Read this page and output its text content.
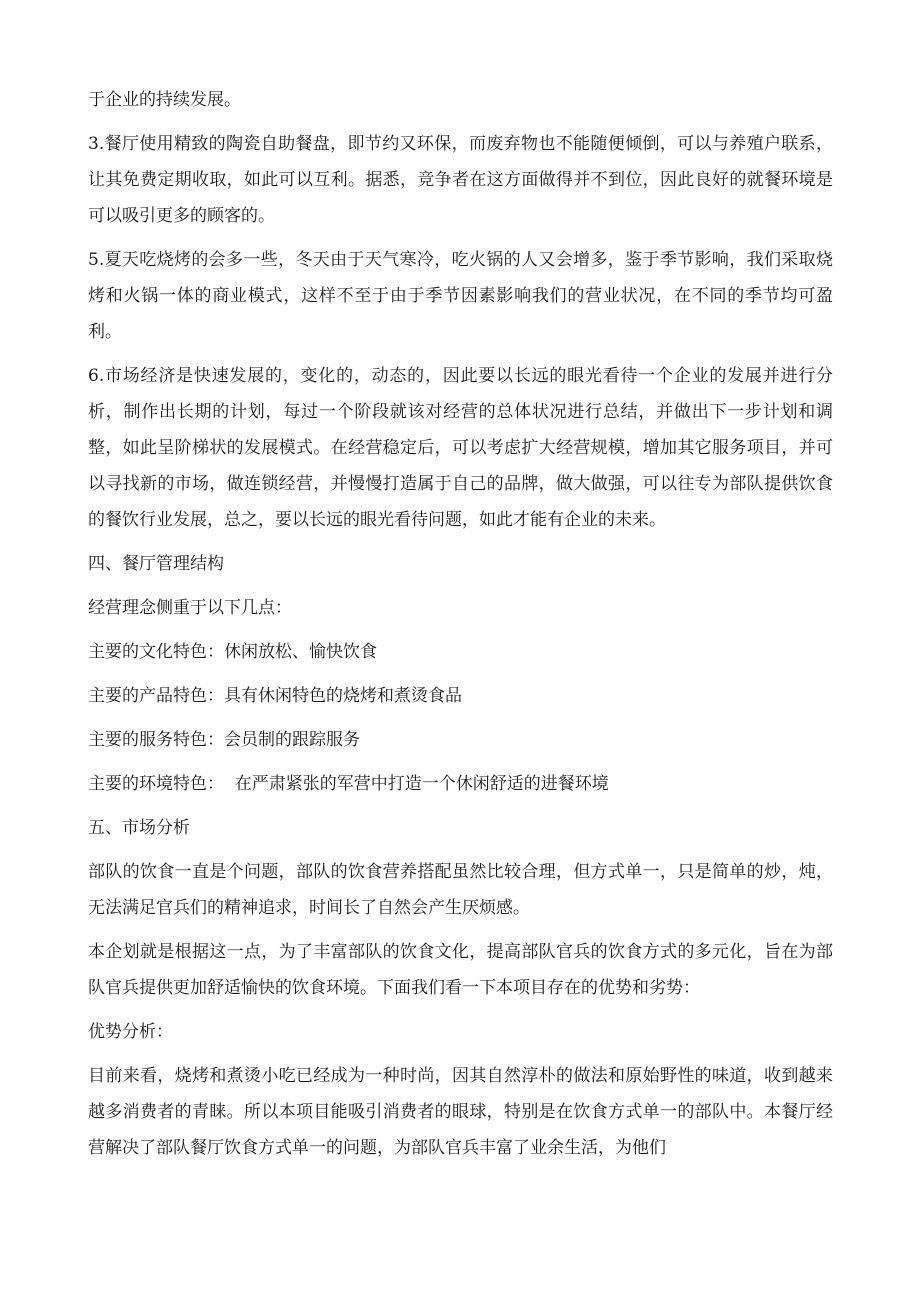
于企业的持续发展。

3.餐厅使用精致的陶瓷自助餐盘，即节约又环保，而废弃物也不能随便倾倒，可以与养殖户联系，让其免费定期收取，如此可以互利。据悉，竞争者在这方面做得并不到位，因此良好的就餐环境是可以吸引更多的顾客的。

5.夏天吃烧烤的会多一些，冬天由于天气寒冷，吃火锅的人又会增多，鉴于季节影响，我们采取烧烤和火锅一体的商业模式，这样不至于由于季节因素影响我们的营业状况，在不同的季节均可盈利。

6.市场经济是快速发展的，变化的，动态的，因此要以长远的眼光看待一个企业的发展并进行分析，制作出长期的计划，每过一个阶段就该对经营的总体状况进行总结，并做出下一步计划和调整，如此呈阶梯状的发展模式。在经营稳定后，可以考虑扩大经营规模，增加其它服务项目，并可以寻找新的市场，做连锁经营，并慢慢打造属于自己的品牌，做大做强，可以往专为部队提供饮食的餐饮行业发展，总之，要以长远的眼光看待问题，如此才能有企业的未来。

四、餐厅管理结构

经营理念侧重于以下几点：

主要的文化特色：休闲放松、愉快饮食

主要的产品特色：具有休闲特色的烧烤和煮烫食品

主要的服务特色：会员制的跟踪服务

主要的环境特色：  在严肃紧张的军营中打造一个休闲舒适的进餐环境

五、市场分析

部队的饮食一直是个问题，部队的饮食营养搭配虽然比较合理，但方式单一，只是简单的炒，炖，无法满足官兵们的精神追求，时间长了自然会产生厌烦感。

本企划就是根据这一点，为了丰富部队的饮食文化，提高部队官兵的饮食方式的多元化，旨在为部队官兵提供更加舒适愉快的饮食环境。下面我们看一下本项目存在的优势和劣势：

优势分析：

目前来看，烧烤和煮烫小吃已经成为一种时尚，因其自然淳朴的做法和原始野性的味道，收到越来越多消费者的青睐。所以本项目能吸引消费者的眼球，特别是在饮食方式单一的部队中。本餐厅经营解决了部队餐厅饮食方式单一的问题，为部队官兵丰富了业余生活，为他们
